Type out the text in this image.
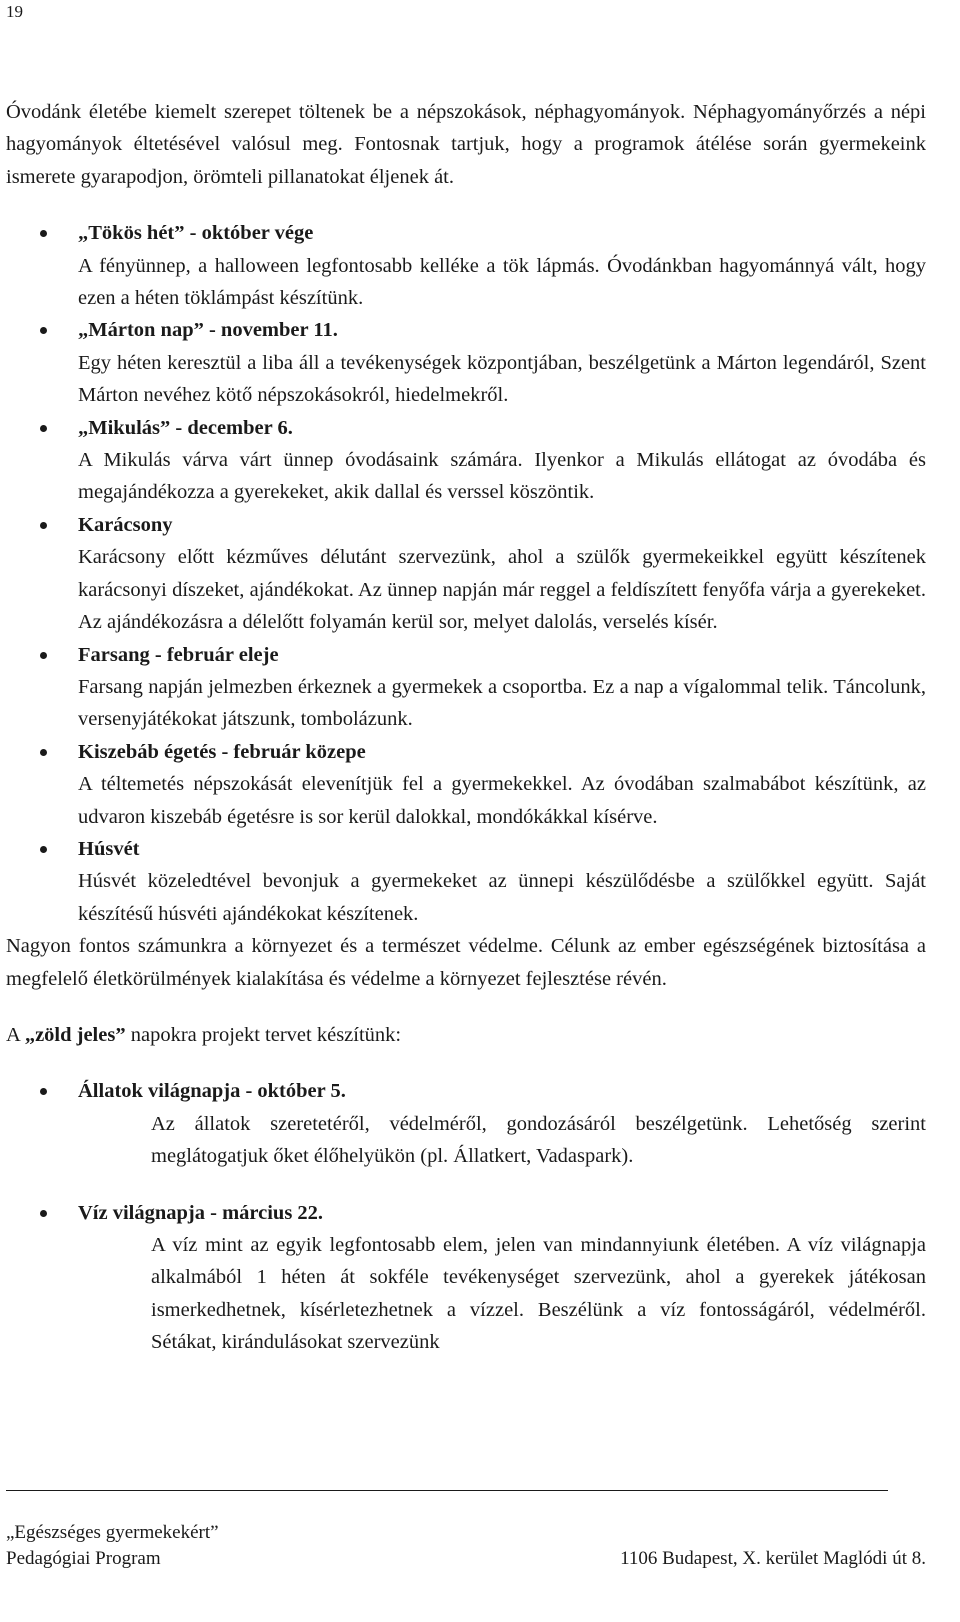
19

Óvodánk életébe kiemelt szerepet töltenek be a népszokások, néphagyományok. Néphagyományőrzés a népi hagyományok éltetésével valósul meg. Fontosnak tartjuk, hogy a programok átélése során gyermekeink ismerete gyarapodjon, örömteli pillanatokat éljenek át.

„Tökös hét” - október vége

A fényünnep, a halloween legfontosabb kelléke a tök lápmás. Óvodánkban hagyománnyá vált, hogy ezen a héten töklámpást készítünk.

„Márton nap” - november 11.

Egy héten keresztül a liba áll a tevékenységek központjában, beszélgetünk a Márton legendáról, Szent Márton nevéhez kötő népszokásokról, hiedelmekről.

„Mikulás” - december 6.

A Mikulás várva várt ünnep óvodásaink számára. Ilyenkor a Mikulás ellátogat az óvodába és megajándékozza a gyerekeket, akik dallal és verssel köszöntik.

Karácsony

Karácsony előtt kézműves délutánt szervezünk, ahol a szülők gyermekeikkel együtt készítenek karácsonyi díszeket, ajándékokat. Az ünnep napján már reggel a feldíszített fenyőfa várja a gyerekeket. Az ajándékozásra a délelőtt folyamán kerül sor, melyet dalolás, verselés kísér.

Farsang - február eleje

Farsang napján jelmezben érkeznek a gyermekek a csoportba. Ez a nap a vígalommal telik. Táncolunk, versenyjátékokat játszunk, tombolázunk.

Kiszebáb égetés - február közepe

A téltemetés népszokását elevenítjük fel a gyermekekkel. Az óvodában szalmabábot készítünk, az udvaron kiszebáb égetésre is sor kerül dalokkal, mondókákkal kísérve.

Húsvét

Húsvét közeledtével bevonjuk a gyermekeket az ünnepi készülődésbe a szülőkkel együtt. Saját készítésű húsvéti ajándékokat készítenek.

Nagyon fontos számunkra a környezet és a természet védelme. Célunk az ember egészségének biztosítása a megfelelő életkörülmények kialakítása és védelme a környezet fejlesztése révén.

A „zöld jeles” napokra projekt tervet készítünk:

Állatok világnapja - október 5.

Az állatok szeretetéről, védelméről, gondozásáról beszélgetünk. Lehetőség szerint meglátogatjuk őket élőhelyükön (pl. Állatkert, Vadaspark).

Víz világnapja - március 22.

A víz mint az egyik legfontosabb elem, jelen van mindannyiunk életében. A víz világnapja alkalmából 1 héten át sokféle tevékenységet szervezünk, ahol a gyerekek játékosan ismerkedhetnek, kísérletezhetnek a vízzel. Beszélünk a víz fontosságáról, védelméről. Sétákat, kirándulásokat szervezünk

„Egészséges gyermekekért”
Pedagógiai Program	1106 Budapest, X. kerület Maglódi út 8.
